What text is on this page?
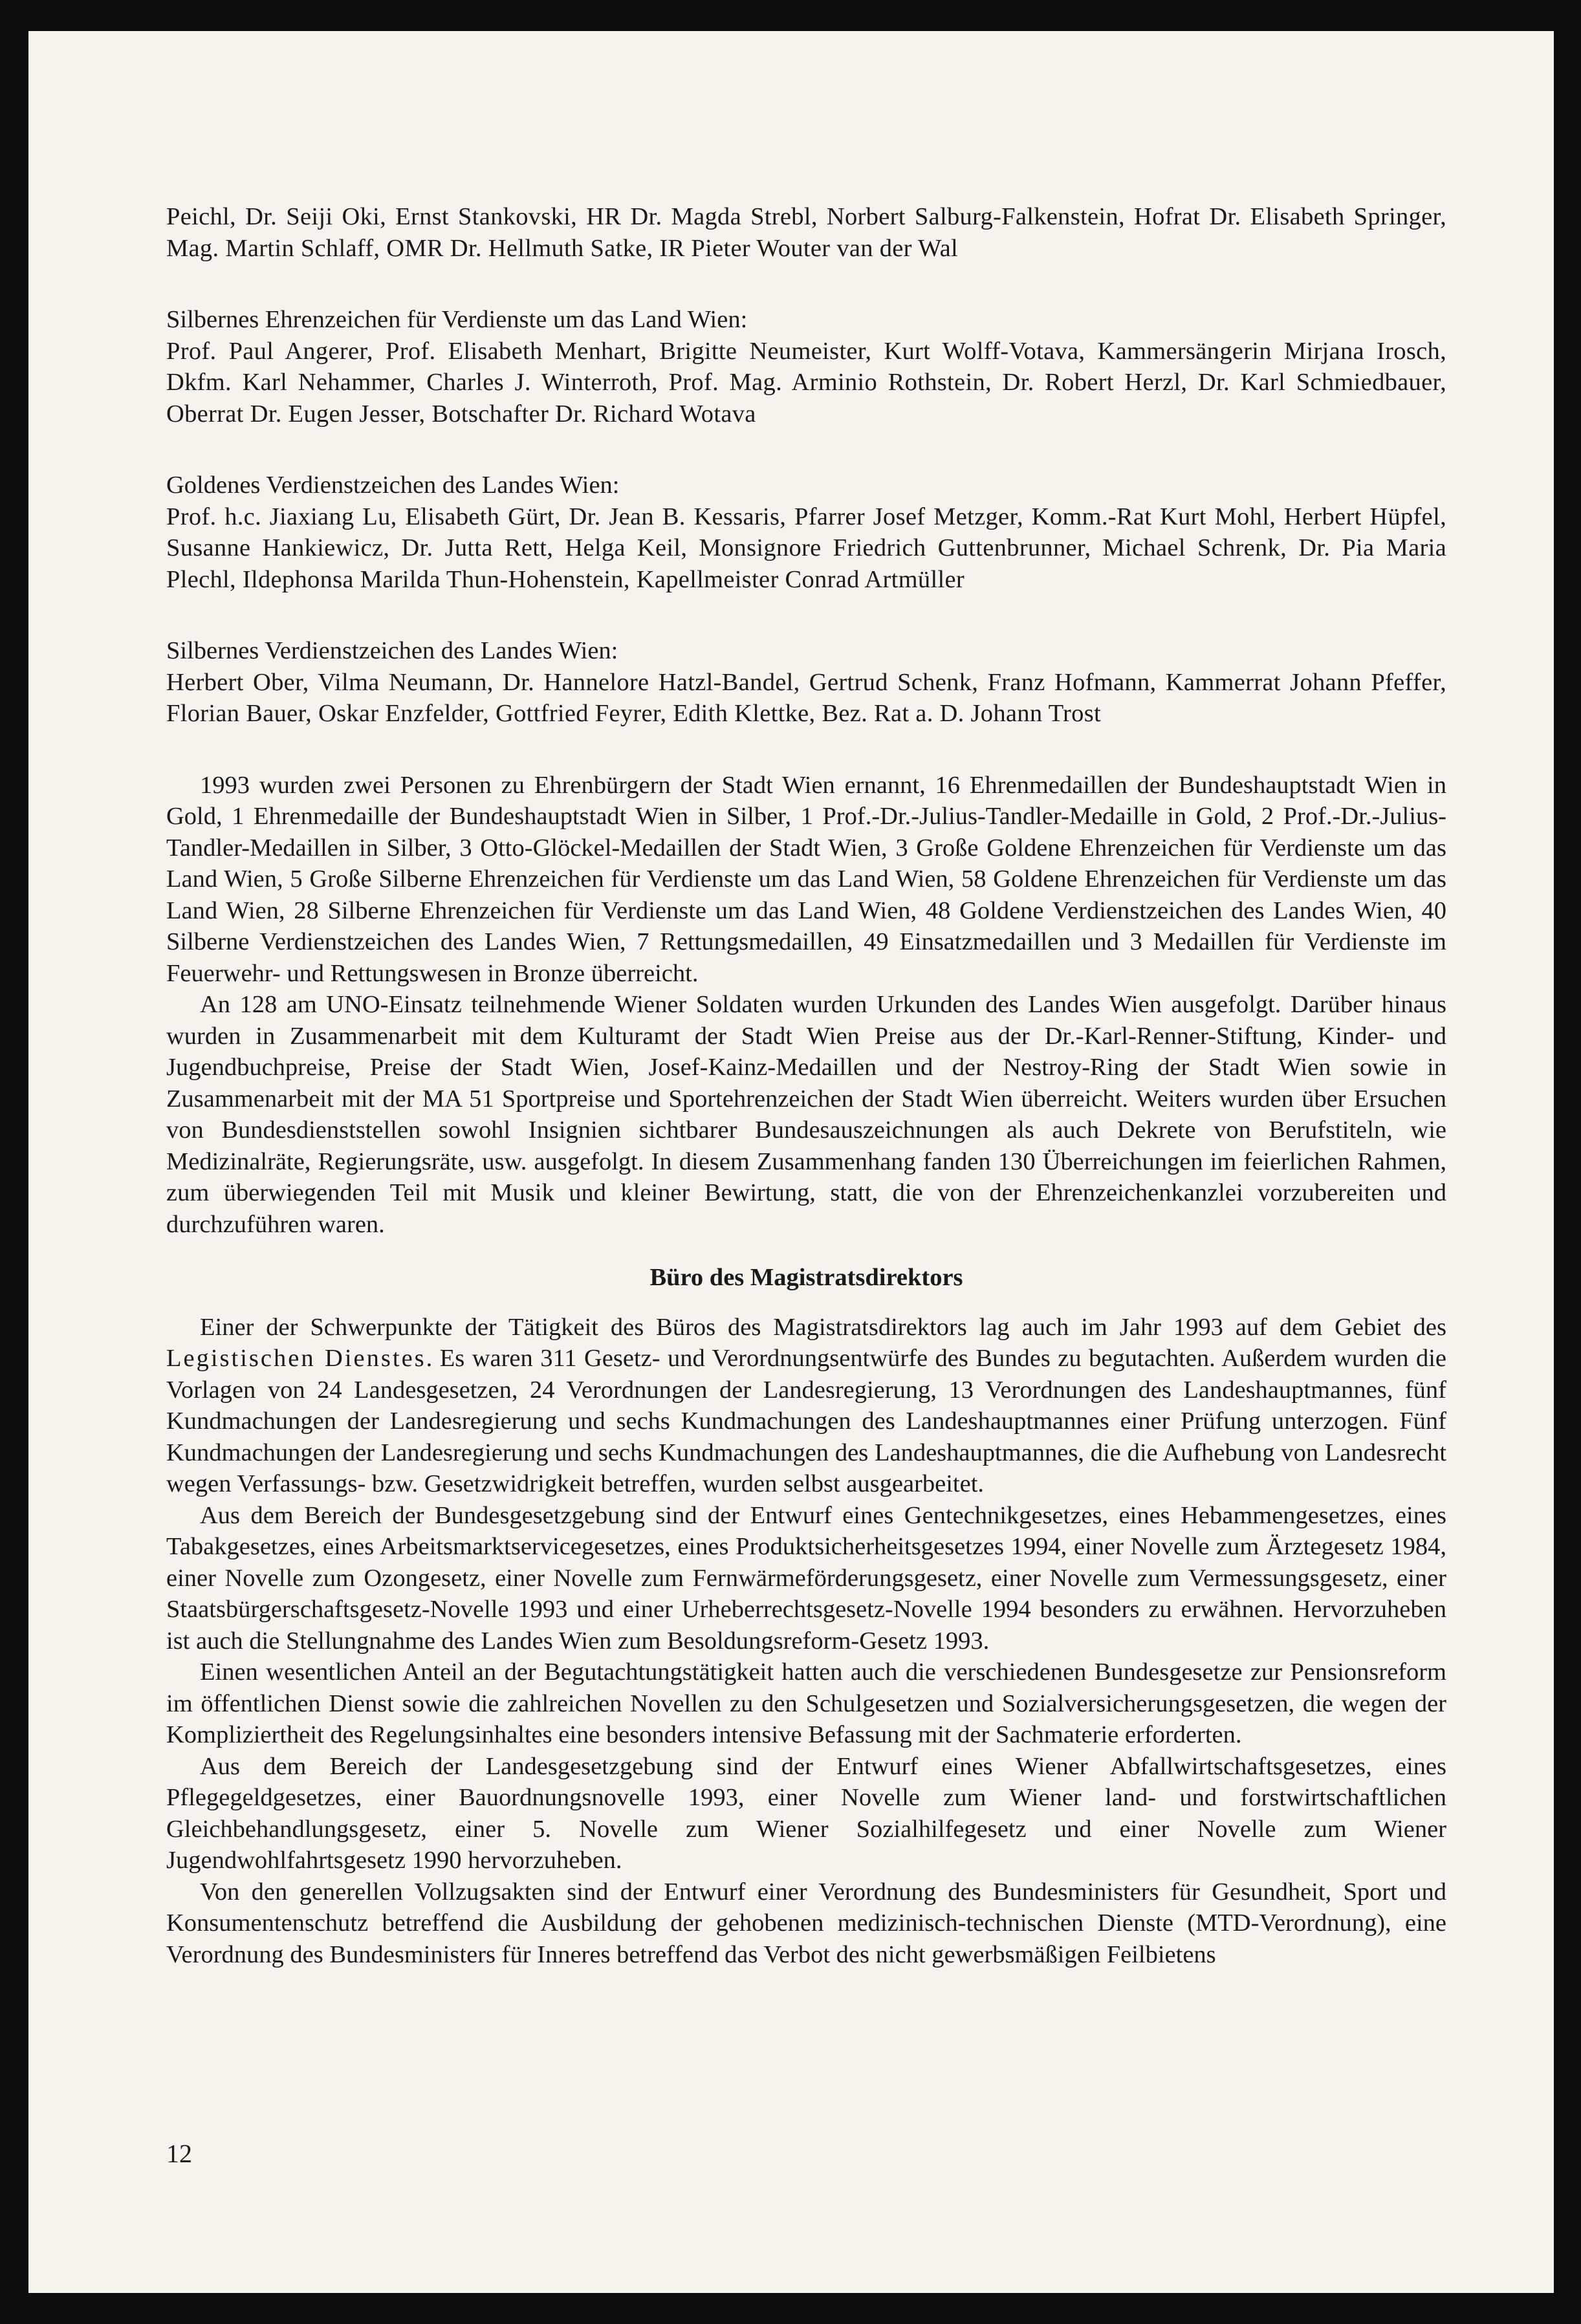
Peichl, Dr. Seiji Oki, Ernst Stankovski, HR Dr. Magda Strebl, Norbert Salburg-Falkenstein, Hofrat Dr. Elisabeth Springer, Mag. Martin Schlaff, OMR Dr. Hellmuth Satke, IR Pieter Wouter van der Wal

Silbernes Ehrenzeichen für Verdienste um das Land Wien:

Prof. Paul Angerer, Prof. Elisabeth Menhart, Brigitte Neumeister, Kurt Wolff-Votava, Kammersängerin Mirjana Irosch, Dkfm. Karl Nehammer, Charles J. Winterroth, Prof. Mag. Arminio Rothstein, Dr. Robert Herzl, Dr. Karl Schmiedbauer, Oberrat Dr. Eugen Jesser, Botschafter Dr. Richard Wotava

Goldenes Verdienstzeichen des Landes Wien:

Prof. h.c. Jiaxiang Lu, Elisabeth Gürt, Dr. Jean B. Kessaris, Pfarrer Josef Metzger, Komm.-Rat Kurt Mohl, Herbert Hüpfel, Susanne Hankiewicz, Dr. Jutta Rett, Helga Keil, Monsignore Friedrich Guttenbrunner, Michael Schrenk, Dr. Pia Maria Plechl, Ildephonsa Marilda Thun-Hohenstein, Kapellmeister Conrad Artmüller

Silbernes Verdienstzeichen des Landes Wien:

Herbert Ober, Vilma Neumann, Dr. Hannelore Hatzl-Bandel, Gertrud Schenk, Franz Hofmann, Kammerrat Johann Pfeffer, Florian Bauer, Oskar Enzfelder, Gottfried Feyrer, Edith Klettke, Bez. Rat a. D. Johann Trost

1993 wurden zwei Personen zu Ehrenbürgern der Stadt Wien ernannt, 16 Ehrenmedaillen der Bundeshauptstadt Wien in Gold, 1 Ehrenmedaille der Bundeshauptstadt Wien in Silber, 1 Prof.-Dr.-Julius-Tandler-Medaille in Gold, 2 Prof.-Dr.-Julius-Tandler-Medaillen in Silber, 3 Otto-Glöckel-Medaillen der Stadt Wien, 3 Große Goldene Ehrenzeichen für Verdienste um das Land Wien, 5 Große Silberne Ehrenzeichen für Verdienste um das Land Wien, 58 Goldene Ehrenzeichen für Verdienste um das Land Wien, 28 Silberne Ehrenzeichen für Verdienste um das Land Wien, 48 Goldene Verdienstzeichen des Landes Wien, 40 Silberne Verdienstzeichen des Landes Wien, 7 Rettungsmedaillen, 49 Einsatzmedaillen und 3 Medaillen für Verdienste im Feuerwehr- und Rettungswesen in Bronze überreicht.

An 128 am UNO-Einsatz teilnehmende Wiener Soldaten wurden Urkunden des Landes Wien ausgefolgt. Darüber hinaus wurden in Zusammenarbeit mit dem Kulturamt der Stadt Wien Preise aus der Dr.-Karl-Renner-Stiftung, Kinder- und Jugendbuchpreise, Preise der Stadt Wien, Josef-Kainz-Medaillen und der Nestroy-Ring der Stadt Wien sowie in Zusammenarbeit mit der MA 51 Sportpreise und Sportehrenzeichen der Stadt Wien überreicht. Weiters wurden über Ersuchen von Bundesdienststellen sowohl Insignien sichtbarer Bundesauszeichnungen als auch Dekrete von Berufstiteln, wie Medizinalräte, Regierungsräte, usw. ausgefolgt. In diesem Zusammenhang fanden 130 Überreichungen im feierlichen Rahmen, zum überwiegenden Teil mit Musik und kleiner Bewirtung, statt, die von der Ehrenzeichenkanzlei vorzubereiten und durchzuführen waren.

Büro des Magistratsdirektors

Einer der Schwerpunkte der Tätigkeit des Büros des Magistratsdirektors lag auch im Jahr 1993 auf dem Gebiet des Legistischen Dienstes. Es waren 311 Gesetz- und Verordnungsentwürfe des Bundes zu begutachten. Außerdem wurden die Vorlagen von 24 Landesgesetzen, 24 Verordnungen der Landesregierung, 13 Verordnungen des Landeshauptmannes, fünf Kundmachungen der Landesregierung und sechs Kundmachungen des Landeshauptmannes einer Prüfung unterzogen. Fünf Kundmachungen der Landesregierung und sechs Kundmachungen des Landeshauptmannes, die die Aufhebung von Landesrecht wegen Verfassungs- bzw. Gesetzwidrigkeit betreffen, wurden selbst ausgearbeitet.

Aus dem Bereich der Bundesgesetzgebung sind der Entwurf eines Gentechnikgesetzes, eines Hebammengesetzes, eines Tabakgesetzes, eines Arbeitsmarktservicegesetzes, eines Produktsicherheitsgesetzes 1994, einer Novelle zum Ärztegesetz 1984, einer Novelle zum Ozongesetz, einer Novelle zum Fernwärmeförderungsgesetz, einer Novelle zum Vermessungsgesetz, einer Staatsbürgerschaftsgesetz-Novelle 1993 und einer Urheberrechtsgesetz-Novelle 1994 besonders zu erwähnen. Hervorzuheben ist auch die Stellungnahme des Landes Wien zum Besoldungsreform-Gesetz 1993.

Einen wesentlichen Anteil an der Begutachtungstätigkeit hatten auch die verschiedenen Bundesgesetze zur Pensionsreform im öffentlichen Dienst sowie die zahlreichen Novellen zu den Schulgesetzen und Sozialversicherungsgesetzen, die wegen der Kompliziertheit des Regelungsinhaltes eine besonders intensive Befassung mit der Sachmaterie erforderten.

Aus dem Bereich der Landesgesetzgebung sind der Entwurf eines Wiener Abfallwirtschaftsgesetzes, eines Pflegegeldgesetzes, einer Bauordnungsnovelle 1993, einer Novelle zum Wiener land- und forstwirtschaftlichen Gleichbehandlungsgesetz, einer 5. Novelle zum Wiener Sozialhilfegesetz und einer Novelle zum Wiener Jugendwohlfahrtsgesetz 1990 hervorzuheben.

Von den generellen Vollzugsakten sind der Entwurf einer Verordnung des Bundesministers für Gesundheit, Sport und Konsumentenschutz betreffend die Ausbildung der gehobenen medizinisch-technischen Dienste (MTD-Verordnung), eine Verordnung des Bundesministers für Inneres betreffend das Verbot des nicht gewerbsmäßigen Feilbietens

12
